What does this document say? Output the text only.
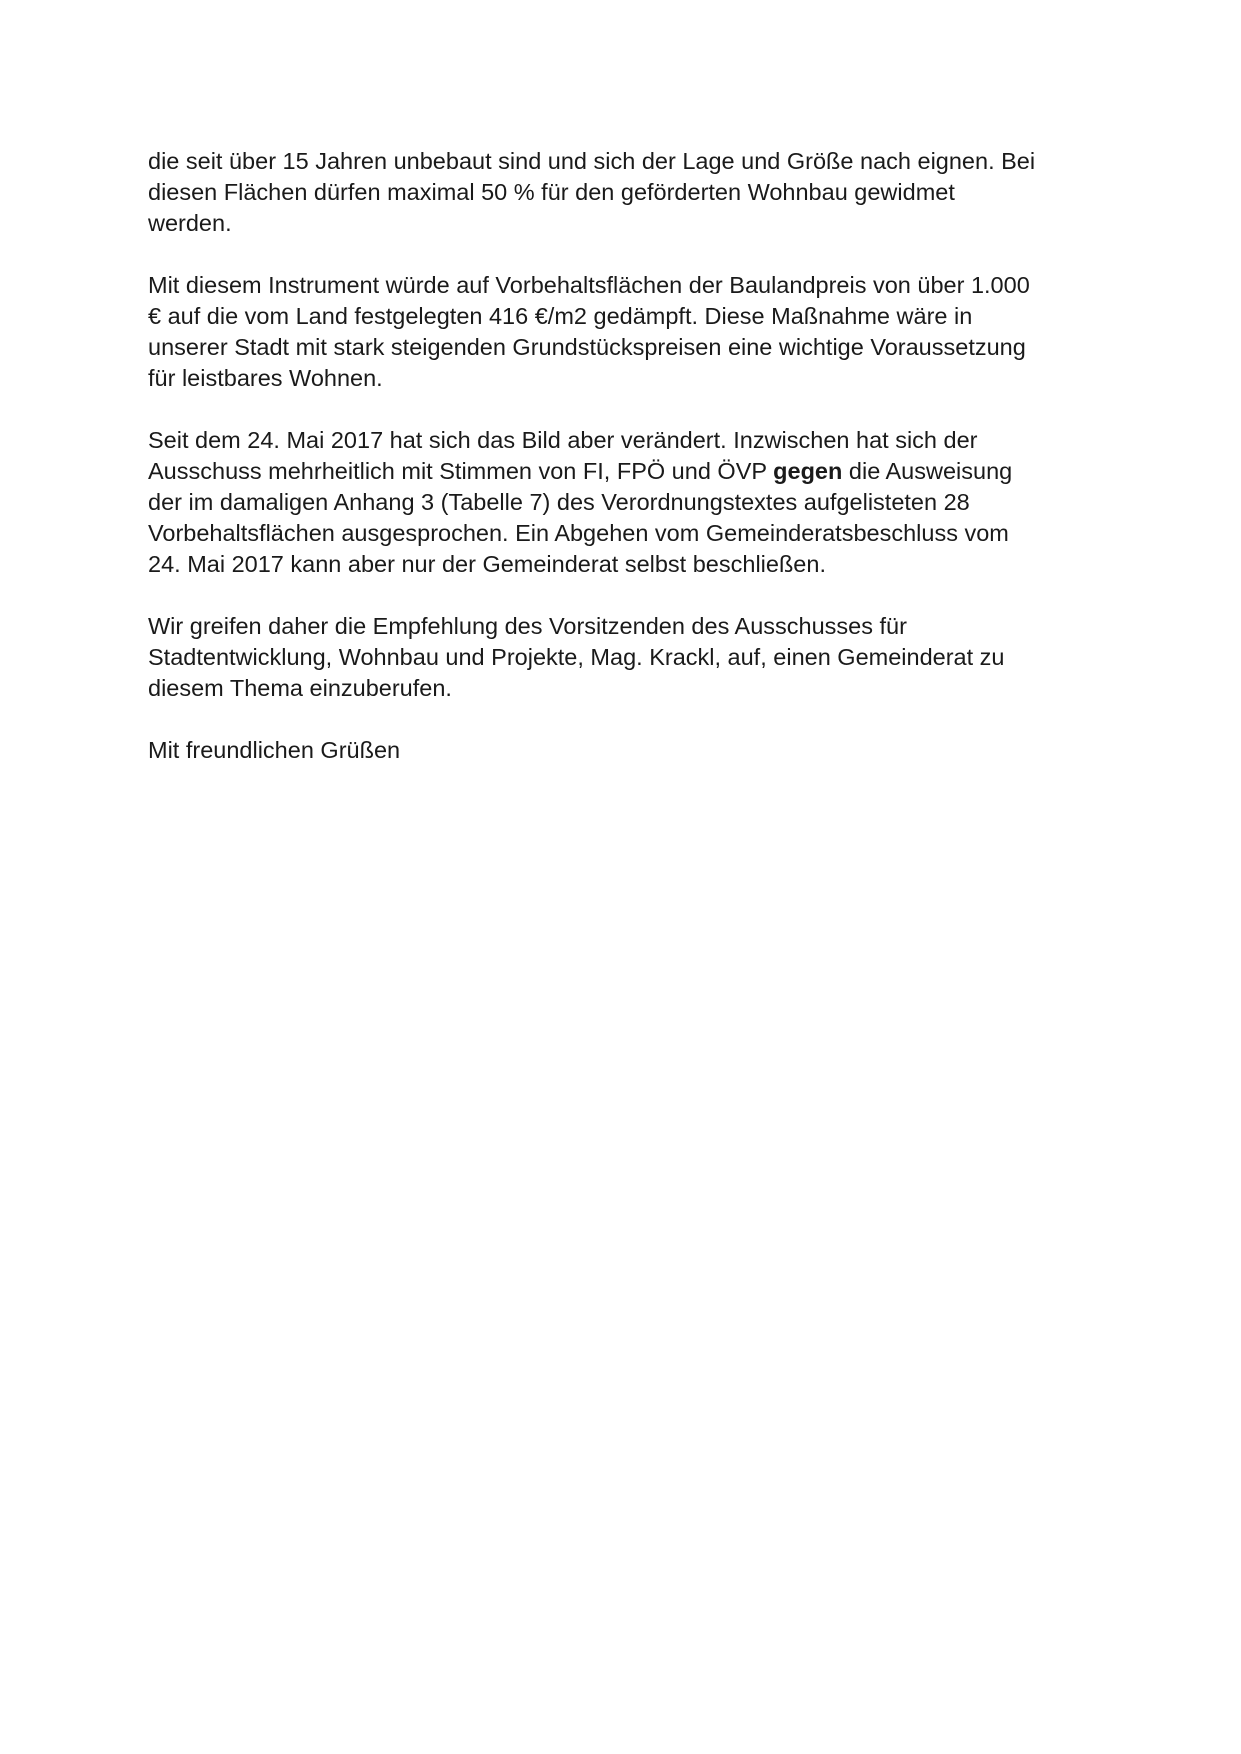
die seit über 15 Jahren unbebaut sind und sich der Lage und Größe nach eignen. Bei
diesen Flächen dürfen maximal 50 % für den geförderten Wohnbau gewidmet
werden.

Mit diesem Instrument würde auf Vorbehaltsflächen der Baulandpreis von über 1.000
€ auf die vom Land festgelegten 416 €/m2 gedämpft. Diese Maßnahme wäre in
unserer Stadt mit stark steigenden Grundstückspreisen eine wichtige Voraussetzung
für leistbares Wohnen.

Seit dem 24. Mai 2017 hat sich das Bild aber verändert. Inzwischen hat sich der
Ausschuss mehrheitlich mit Stimmen von FI, FPÖ und ÖVP gegen die Ausweisung
der im damaligen Anhang 3 (Tabelle 7) des Verordnungstextes aufgelisteten 28
Vorbehaltsflächen ausgesprochen. Ein Abgehen vom Gemeinderatsbeschluss vom
24. Mai 2017 kann aber nur der Gemeinderat selbst beschließen.

Wir greifen daher die Empfehlung des Vorsitzenden des Ausschusses für
Stadtentwicklung, Wohnbau und Projekte, Mag. Krackl, auf, einen Gemeinderat zu
diesem Thema einzuberufen.

Mit freundlichen Grüßen
